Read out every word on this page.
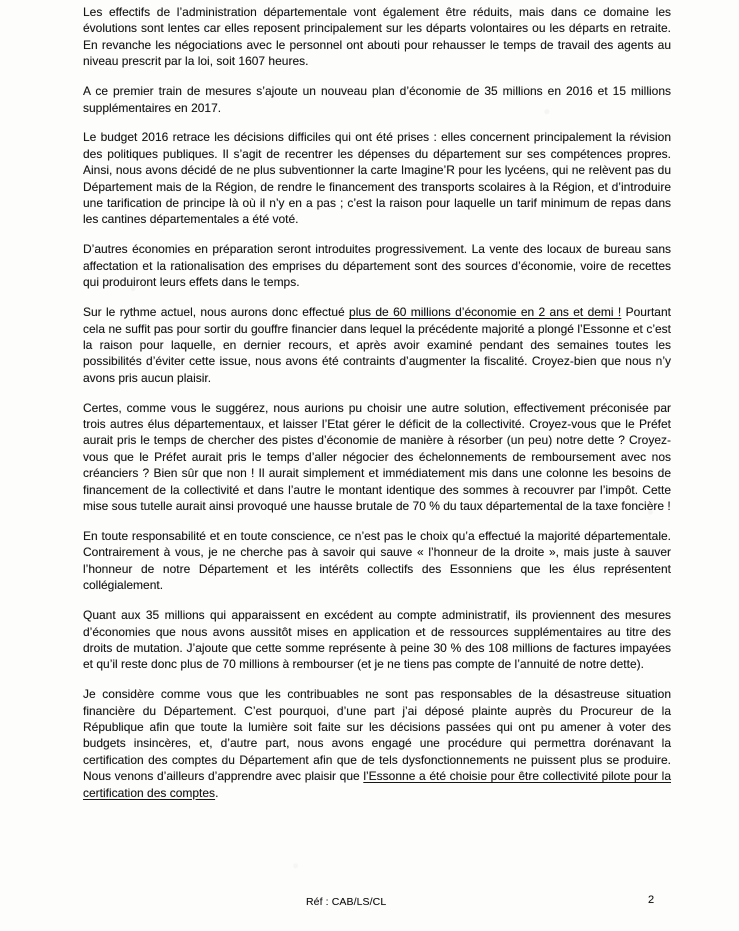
Les effectifs de l’administration départementale vont également être réduits, mais dans ce domaine les évolutions sont lentes car elles reposent principalement sur les départs volontaires ou les départs en retraite. En revanche les négociations avec le personnel ont abouti pour rehausser le temps de travail des agents au niveau prescrit par la loi, soit 1607 heures.

A ce premier train de mesures s’ajoute un nouveau plan d’économie de 35 millions en 2016 et 15 millions supplémentaires en 2017.

Le budget 2016 retrace les décisions difficiles qui ont été prises : elles concernent principalement la révision des politiques publiques. Il s’agit de recentrer les dépenses du département sur ses compétences propres. Ainsi, nous avons décidé de ne plus subventionner la carte Imagine’R pour les lycéens, qui ne relèvent pas du Département mais de la Région, de rendre le financement des transports scolaires à la Région, et d’introduire une tarification de principe là où il n’y en a pas ; c’est la raison pour laquelle un tarif minimum de repas dans les cantines départementales a été voté.

D’autres économies en préparation seront introduites progressivement. La vente des locaux de bureau sans affectation et la rationalisation des emprises du département sont des sources d’économie, voire de recettes qui produiront leurs effets dans le temps.

Sur le rythme actuel, nous aurons donc effectué plus de 60 millions d’économie en 2 ans et demi ! Pourtant cela ne suffit pas pour sortir du gouffre financier dans lequel la précédente majorité a plongé l’Essonne et c’est la raison pour laquelle, en dernier recours, et après avoir examiné pendant des semaines toutes les possibilités d’éviter cette issue, nous avons été contraints d’augmenter la fiscalité. Croyez-bien que nous n’y avons pris aucun plaisir.

Certes, comme vous le suggérez, nous aurions pu choisir une autre solution, effectivement préconisée par trois autres élus départementaux, et laisser l’Etat gérer le déficit de la collectivité. Croyez-vous que le Préfet aurait pris le temps de chercher des pistes d’économie de manière à résorber (un peu) notre dette ? Croyez-vous que le Préfet aurait pris le temps d’aller négocier des échelonnements de remboursement avec nos créanciers ? Bien sûr que non ! Il aurait simplement et immédiatement mis dans une colonne les besoins de financement de la collectivité et dans l’autre le montant identique des sommes à recouvrer par l’impôt. Cette mise sous tutelle aurait ainsi provoqué une hausse brutale de 70 % du taux départemental de la taxe foncière !

En toute responsabilité et en toute conscience, ce n’est pas le choix qu’a effectué la majorité départementale. Contrairement à vous, je ne cherche pas à savoir qui sauve « l’honneur de la droite », mais juste à sauver l’honneur de notre Département et les intérêts collectifs des Essonniens que les élus représentent collégialement.

Quant aux 35 millions qui apparaissent en excédent au compte administratif, ils proviennent des mesures d’économies que nous avons aussitôt mises en application et de ressources supplémentaires au titre des droits de mutation. J’ajoute que cette somme représente à peine 30 % des 108 millions de factures impayées et qu’il reste donc plus de 70 millions à rembourser (et je ne tiens pas compte de l’annuité de notre dette).

Je considère comme vous que les contribuables ne sont pas responsables de la désastreuse situation financière du Département. C’est pourquoi, d’une part j’ai déposé plainte auprès du Procureur de la République afin que toute la lumière soit faite sur les décisions passées qui ont pu amener à voter des budgets insincères, et, d’autre part, nous avons engagé une procédure qui permettra dorénavant la certification des comptes du Département afin que de tels dysfonctionnements ne puissent plus se produire. Nous venons d’ailleurs d’apprendre avec plaisir que l’Essonne a été choisie pour être collectivité pilote pour la certification des comptes.

Réf : CAB/LS/CL	2
